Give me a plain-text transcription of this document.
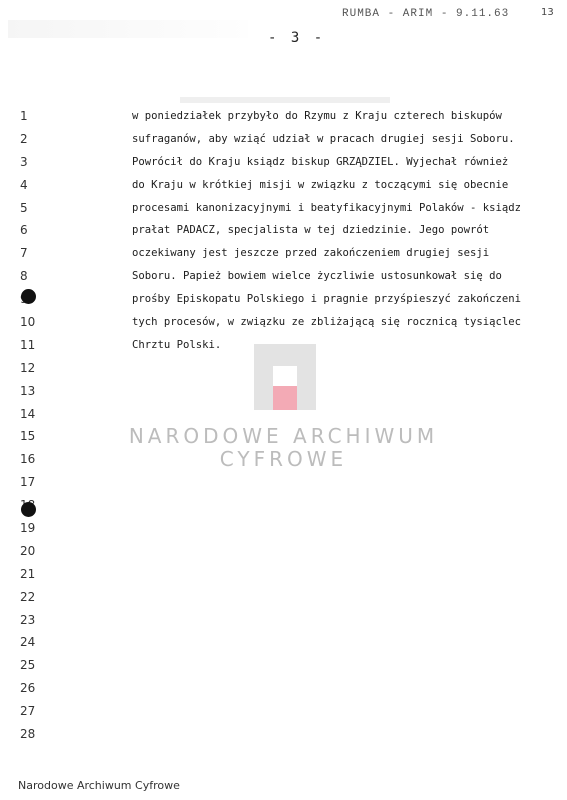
RUMBA - ARIM - 9.11.63	13
- 3 -
1
2
3
4
5
6
7
8
10
11
12
13
14
15
16
17
19
20
21
22
23
24
25
26
27
28
w poniedziałek przybyło do Rzymu z Kraju czterech biskupów
sufraganów, aby wziąć udział w pracach drugiej sesji Soboru.
Powrócił do Kraju ksiądz biskup GRZĄDZIEL. Wyjechał również
do Kraju w krótkiej misji w związku z toczącymi się obecnie
procesami kanonizacyjnymi i beatyfikacyjnymi Polaków - ksiądz
prałat PADACZ, specjalista w tej dziedzinie. Jego powrót
oczekiwany jest jeszcze przed zakończeniem drugiej sesji
Soboru. Papież bowiem wielce życzliwie ustosunkował się do
prośby Episkopatu Polskiego i pragnie przyśpieszyć zakończeni
tych procesów, w związku ze zbliżającą się rocznicą tysiąclec
Chrztu Polski.
NARODOWE ARCHIWUM
CYFROWE
Narodowe Archiwum Cyfrowe
